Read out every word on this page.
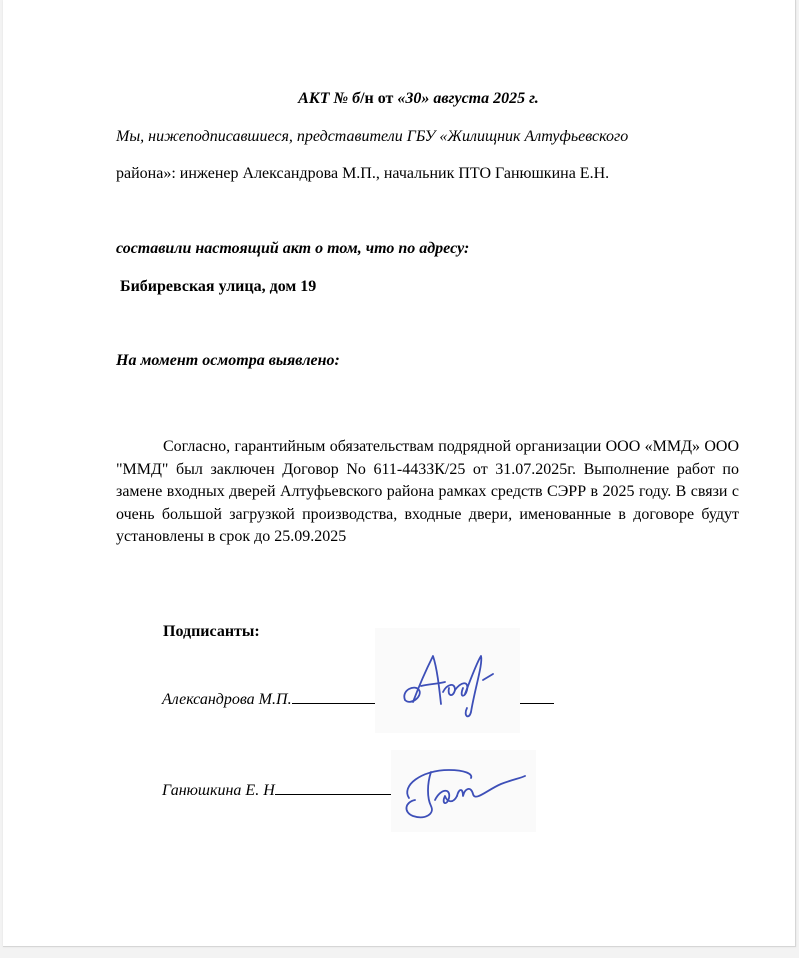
АКТ № б/н от «30» августа 2025 г.
Мы, нижеподписавшиеся, представители ГБУ «Жилищник Алтуфьевского
района»: инженер Александрова М.П., начальник ПТО Ганюшкина Е.Н.
составили настоящий акт о том, что по адресу:
Бибиревская улица, дом 19
На момент осмотра выявлено:
Согласно, гарантийным обязательствам подрядной организации ООО «ММД» ООО "ММД" был заключен Договор No 611-443ЗК/25 от 31.07.2025г. Выполнение работ по замене входных дверей Алтуфьевского района рамках средств СЭРР в 2025 году. В связи с очень большой загрузкой производства, входные двери, именованные в договоре будут установлены в срок до 25.09.2025
Подписанты:
Александрова М.П.
Ганюшкина Е. Н
